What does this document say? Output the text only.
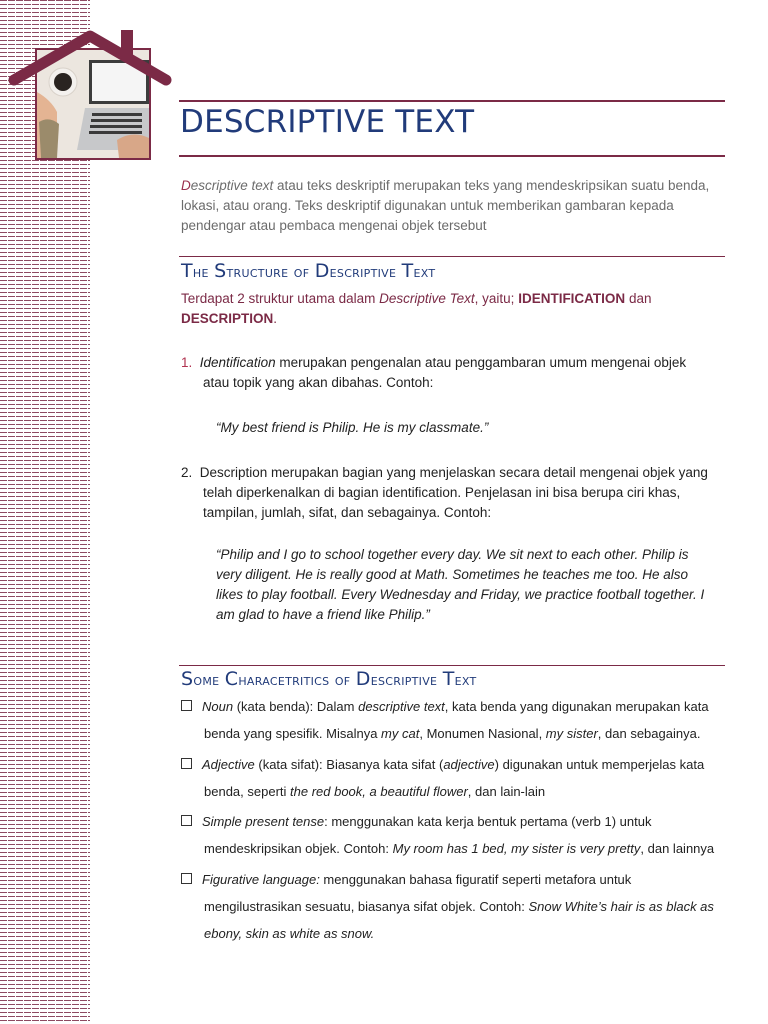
DESCRIPTIVE TEXT
Descriptive text atau teks deskriptif merupakan teks yang mendeskripsikan suatu benda, lokasi, atau orang. Teks deskriptif digunakan untuk memberikan gambaran kepada pendengar atau pembaca mengenai objek tersebut
The Structure of Descriptive Text
Terdapat 2 struktur utama dalam Descriptive Text, yaitu; IDENTIFICATION dan
DESCRIPTION.
1. Identification merupakan pengenalan atau penggambaran umum mengenai objek
atau topik yang akan dibahas. Contoh:
“My best friend is Philip. He is my classmate.”
2. Description merupakan bagian yang menjelaskan secara detail mengenai objek yang
telah diperkenalkan di bagian identification. Penjelasan ini bisa berupa ciri khas,
tampilan, jumlah, sifat, dan sebagainya. Contoh:
“Philip and I go to school together every day. We sit next to each other. Philip is
very diligent. He is really good at Math. Sometimes he teaches me too. He also
likes to play football. Every Wednesday and Friday, we practice football together. I
am glad to have a friend like Philip.”
Some Characetritics of Descriptive Text
Noun (kata benda): Dalam descriptive text, kata benda yang digunakan merupakan kata
benda yang spesifik. Misalnya my cat, Monumen Nasional, my sister, dan sebagainya.
Adjective (kata sifat): Biasanya kata sifat (adjective) digunakan untuk memperjelas kata
benda, seperti the red book, a beautiful flower, dan lain-lain
Simple present tense: menggunakan kata kerja bentuk pertama (verb 1) untuk
mendeskripsikan objek. Contoh: My room has 1 bed, my sister is very pretty, dan lainnya
Figurative language: menggunakan bahasa figuratif seperti metafora untuk
mengilustrasikan sesuatu, biasanya sifat objek. Contoh: Snow White’s hair is as black as
ebony, skin as white as snow.
